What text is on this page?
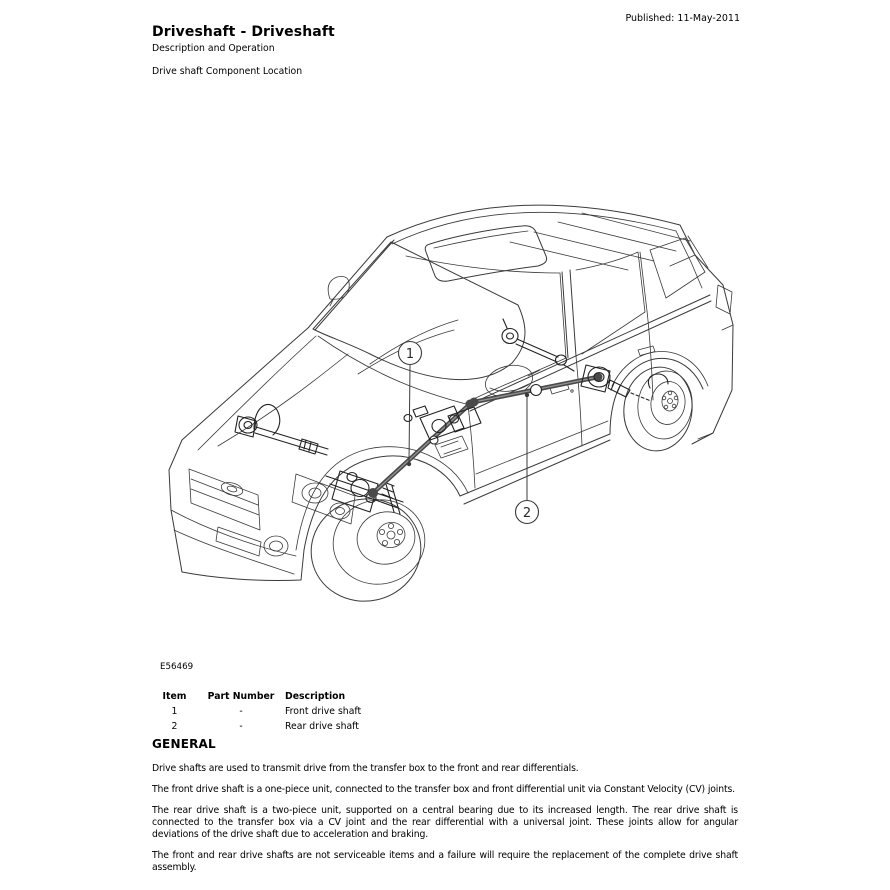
Published: 11-May-2011
Driveshaft - Driveshaft
Description and Operation
Drive shaft Component Location
1
2
E56469
Item	Part Number	Description
1	-	Front drive shaft
2	-	Rear drive shaft
GENERAL

Drive shafts are used to transmit drive from the transfer box to the front and rear differentials.

The front drive shaft is a one-piece unit, connected to the transfer box and front differential unit via Constant Velocity (CV) joints.

The rear drive shaft is a two-piece unit, supported on a central bearing due to its increased length. The rear drive shaft is connected to the transfer box via a CV joint and the rear differential with a universal joint. These joints allow for angular deviations of the drive shaft due to acceleration and braking.

The front and rear drive shafts are not serviceable items and a failure will require the replacement of the complete drive shaft assembly.
